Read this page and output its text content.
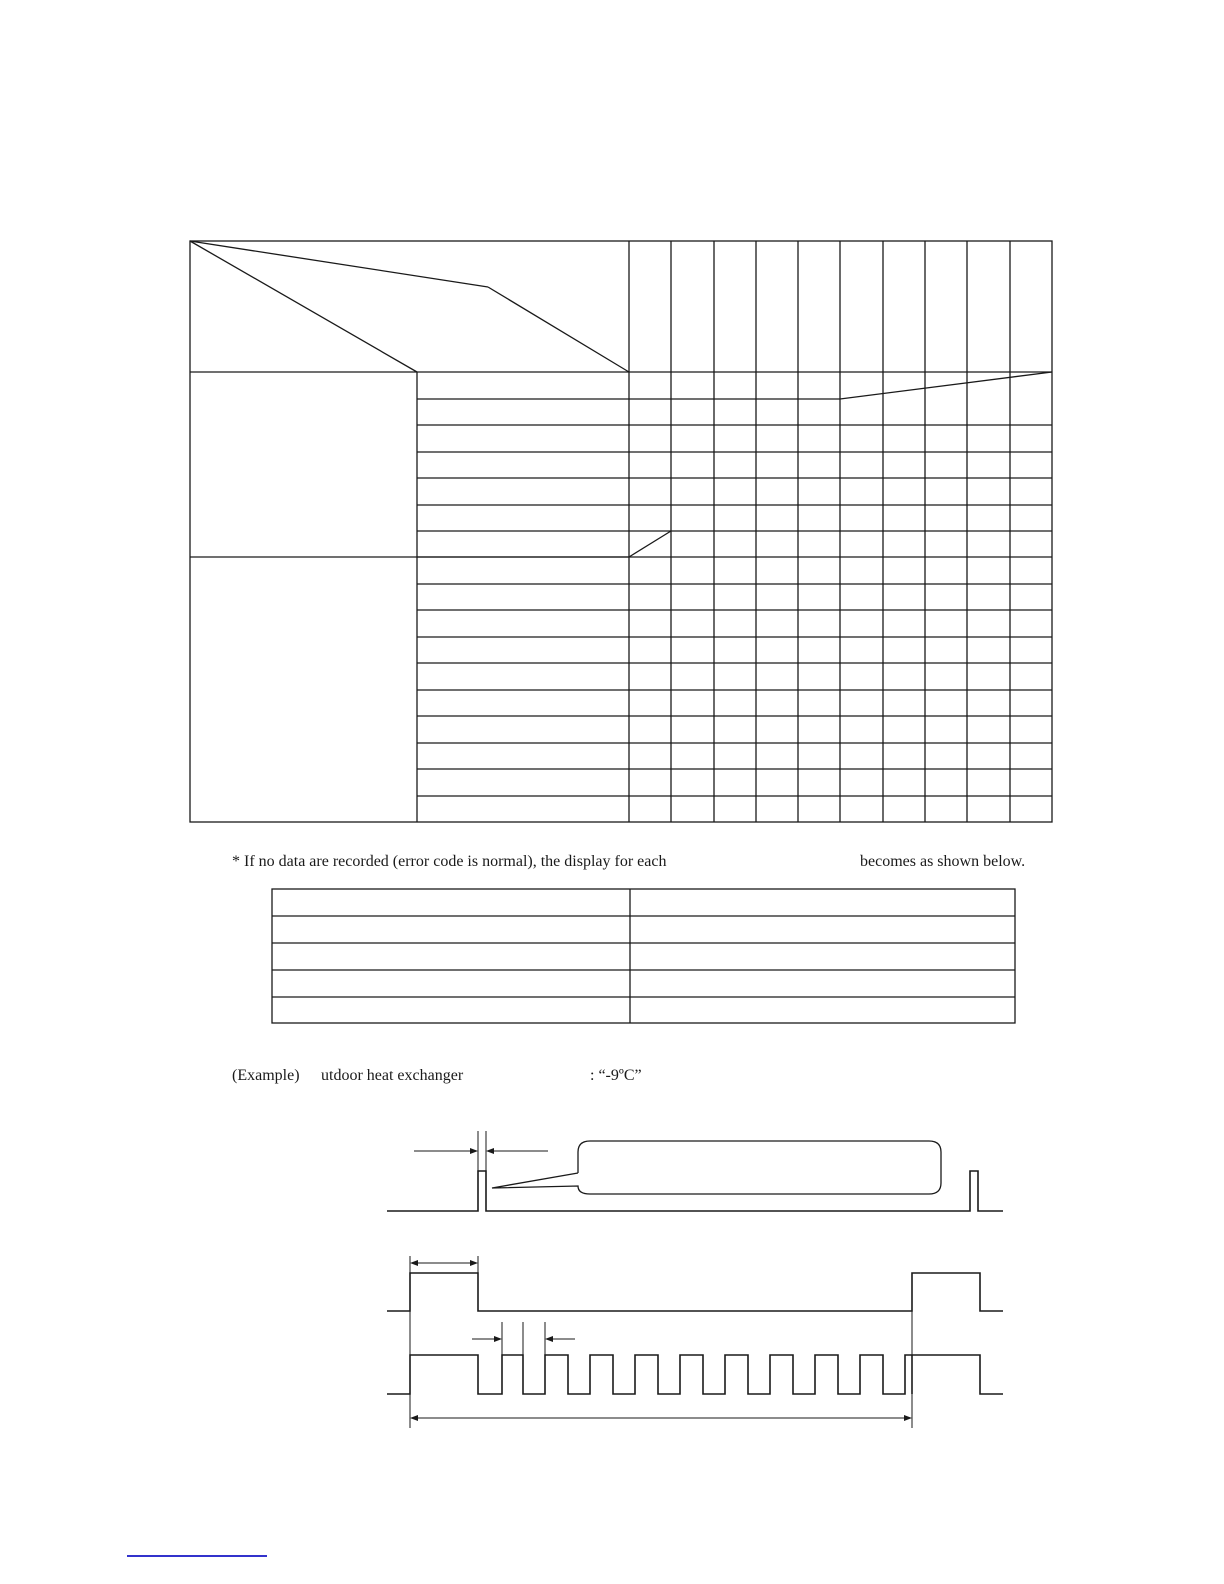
* If no data are recorded (error code is normal), the display for each	becomes as shown below.
(Example) utdoor heat exchanger	: “-9ºC”
